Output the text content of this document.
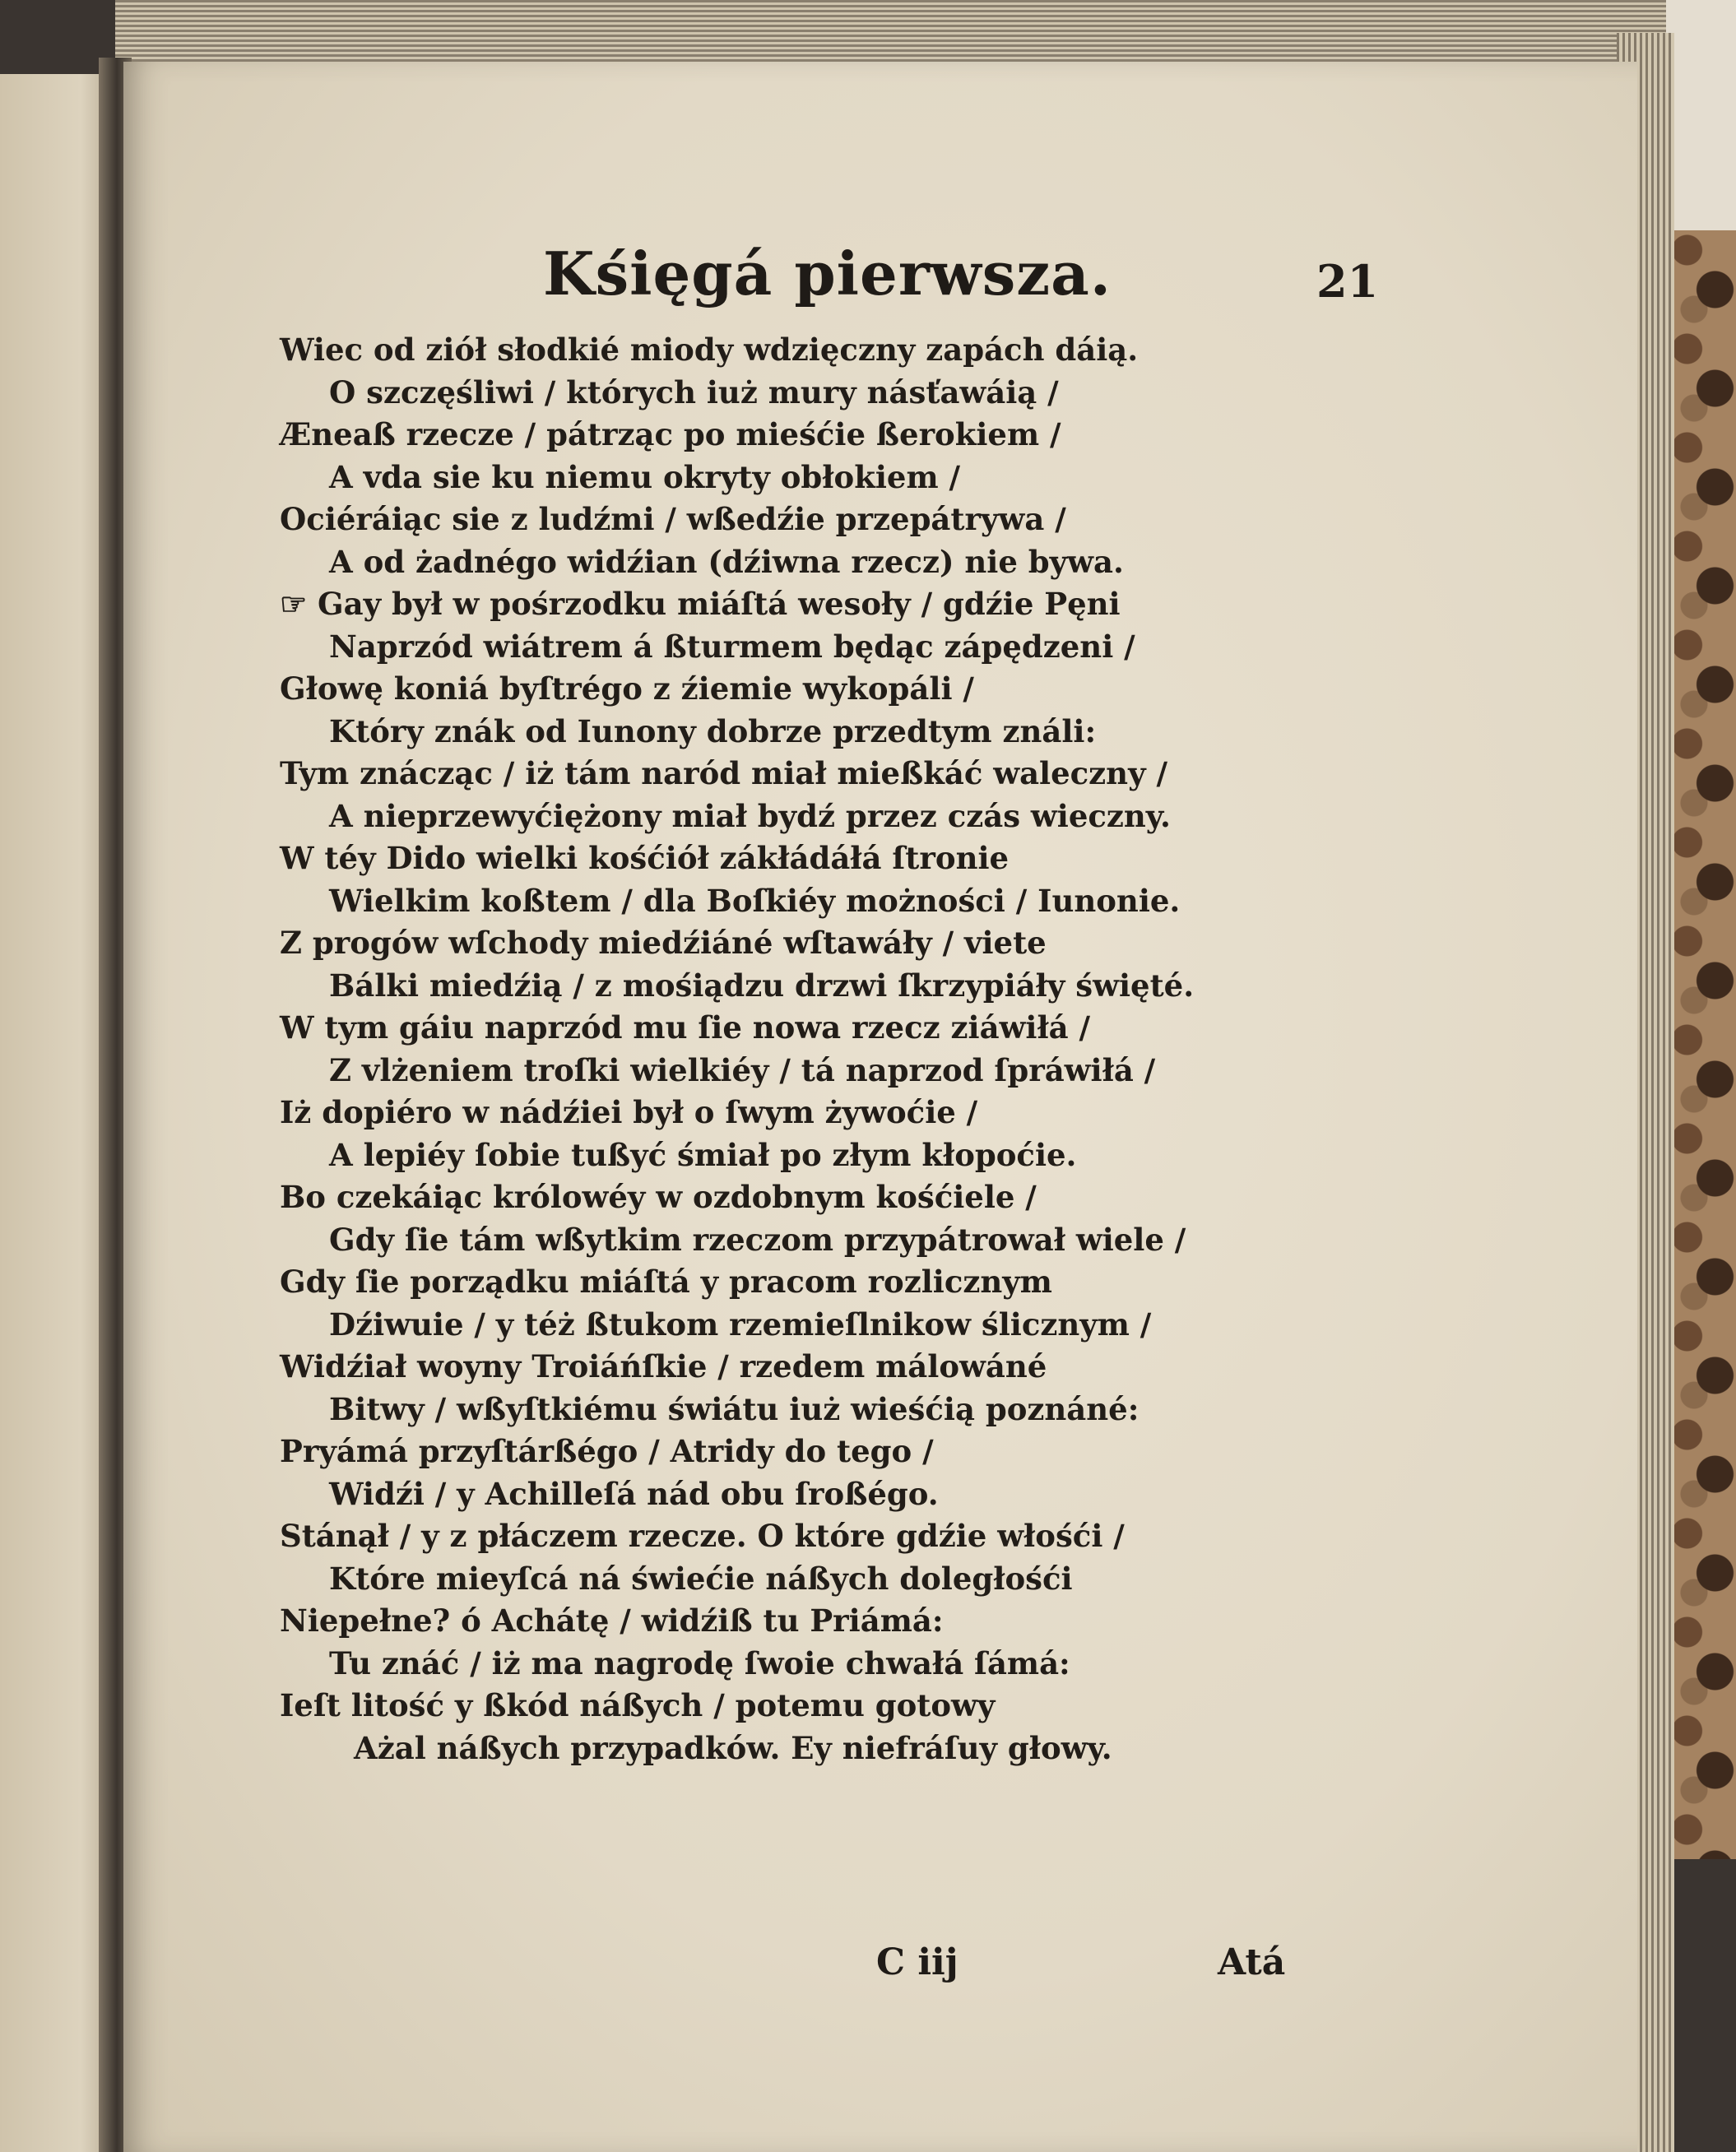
Kśięgá pierwsza.	21
Wiec od ziół słodkié miody wdzięczny zapách dáią.
O szczęśliwi / których iuż mury násťawáią /
Æneaß rzecze / pátrząc po mieśćie ßerokiem /
A vda sie ku niemu okryty obłokiem /
Ociéráiąc sie z ludźmi / wßedźie przepátrywa /
A od żadnégo widźian (dźiwna rzecz) nie bywa.
☞ Gay był w pośrzodku miáſtá wesoły / gdźie Pęni
Naprzód wiátrem á ßturmem będąc zápędzeni /
Głowę koniá byſtrégo z źiemie wykopáli /
Który znák od Iunony dobrze przedtym ználi:
Tym znácząc / iż tám naród miał mießkáć waleczny /
A nieprzewyćiężony miał bydź przez czás wieczny.
W téy Dido wielki kośćiół zákłádáłá ſtronie
Wielkim koßtem / dla Boſkiéy możności / Iunonie.
Z progów wſchody miedźiáné wſtawáły / viete
Bálki miedźią / z mośiądzu drzwi ſkrzypiáły święté.
W tym gáiu naprzód mu ſie nowa rzecz ziáwiłá /
Z vlżeniem troſki wielkiéy / tá naprzod ſpráwiłá /
Iż dopiéro w nádźiei był o ſwym żywoćie /
A lepiéy ſobie tußyć śmiał po złym kłopoćie.
Bo czekáiąc królowéy w ozdobnym kośćiele /
Gdy ſie tám wßytkim rzeczom przypátrował wiele /
Gdy ſie porządku miáſtá y pracom rozlicznym
Dźiwuie / y téż ßtukom rzemieſlnikow ślicznym /
Widźiał woyny Troiáńſkie / rzedem málowáné
Bitwy / wßyſtkiému świátu iuż wieśćią poznáné:
Pryámá przyſtárßégo / Atridy do tego /
Widźi / y Achilleſá nád obu ſroßégo.
Stánął / y z płáczem rzecze. O które gdźie włośći /
Które mieyſcá ná świećie náßych doległośći
Niepełne? ó Achátę / widźiß tu Priámá:
Tu znáć / iż ma nagrodę ſwoie chwałá ſámá:
Ieſt litość y ßkód náßych / potemu gotowy
Ażal náßych przypadków. Ey niefráſuy głowy.
C iij	Atá
